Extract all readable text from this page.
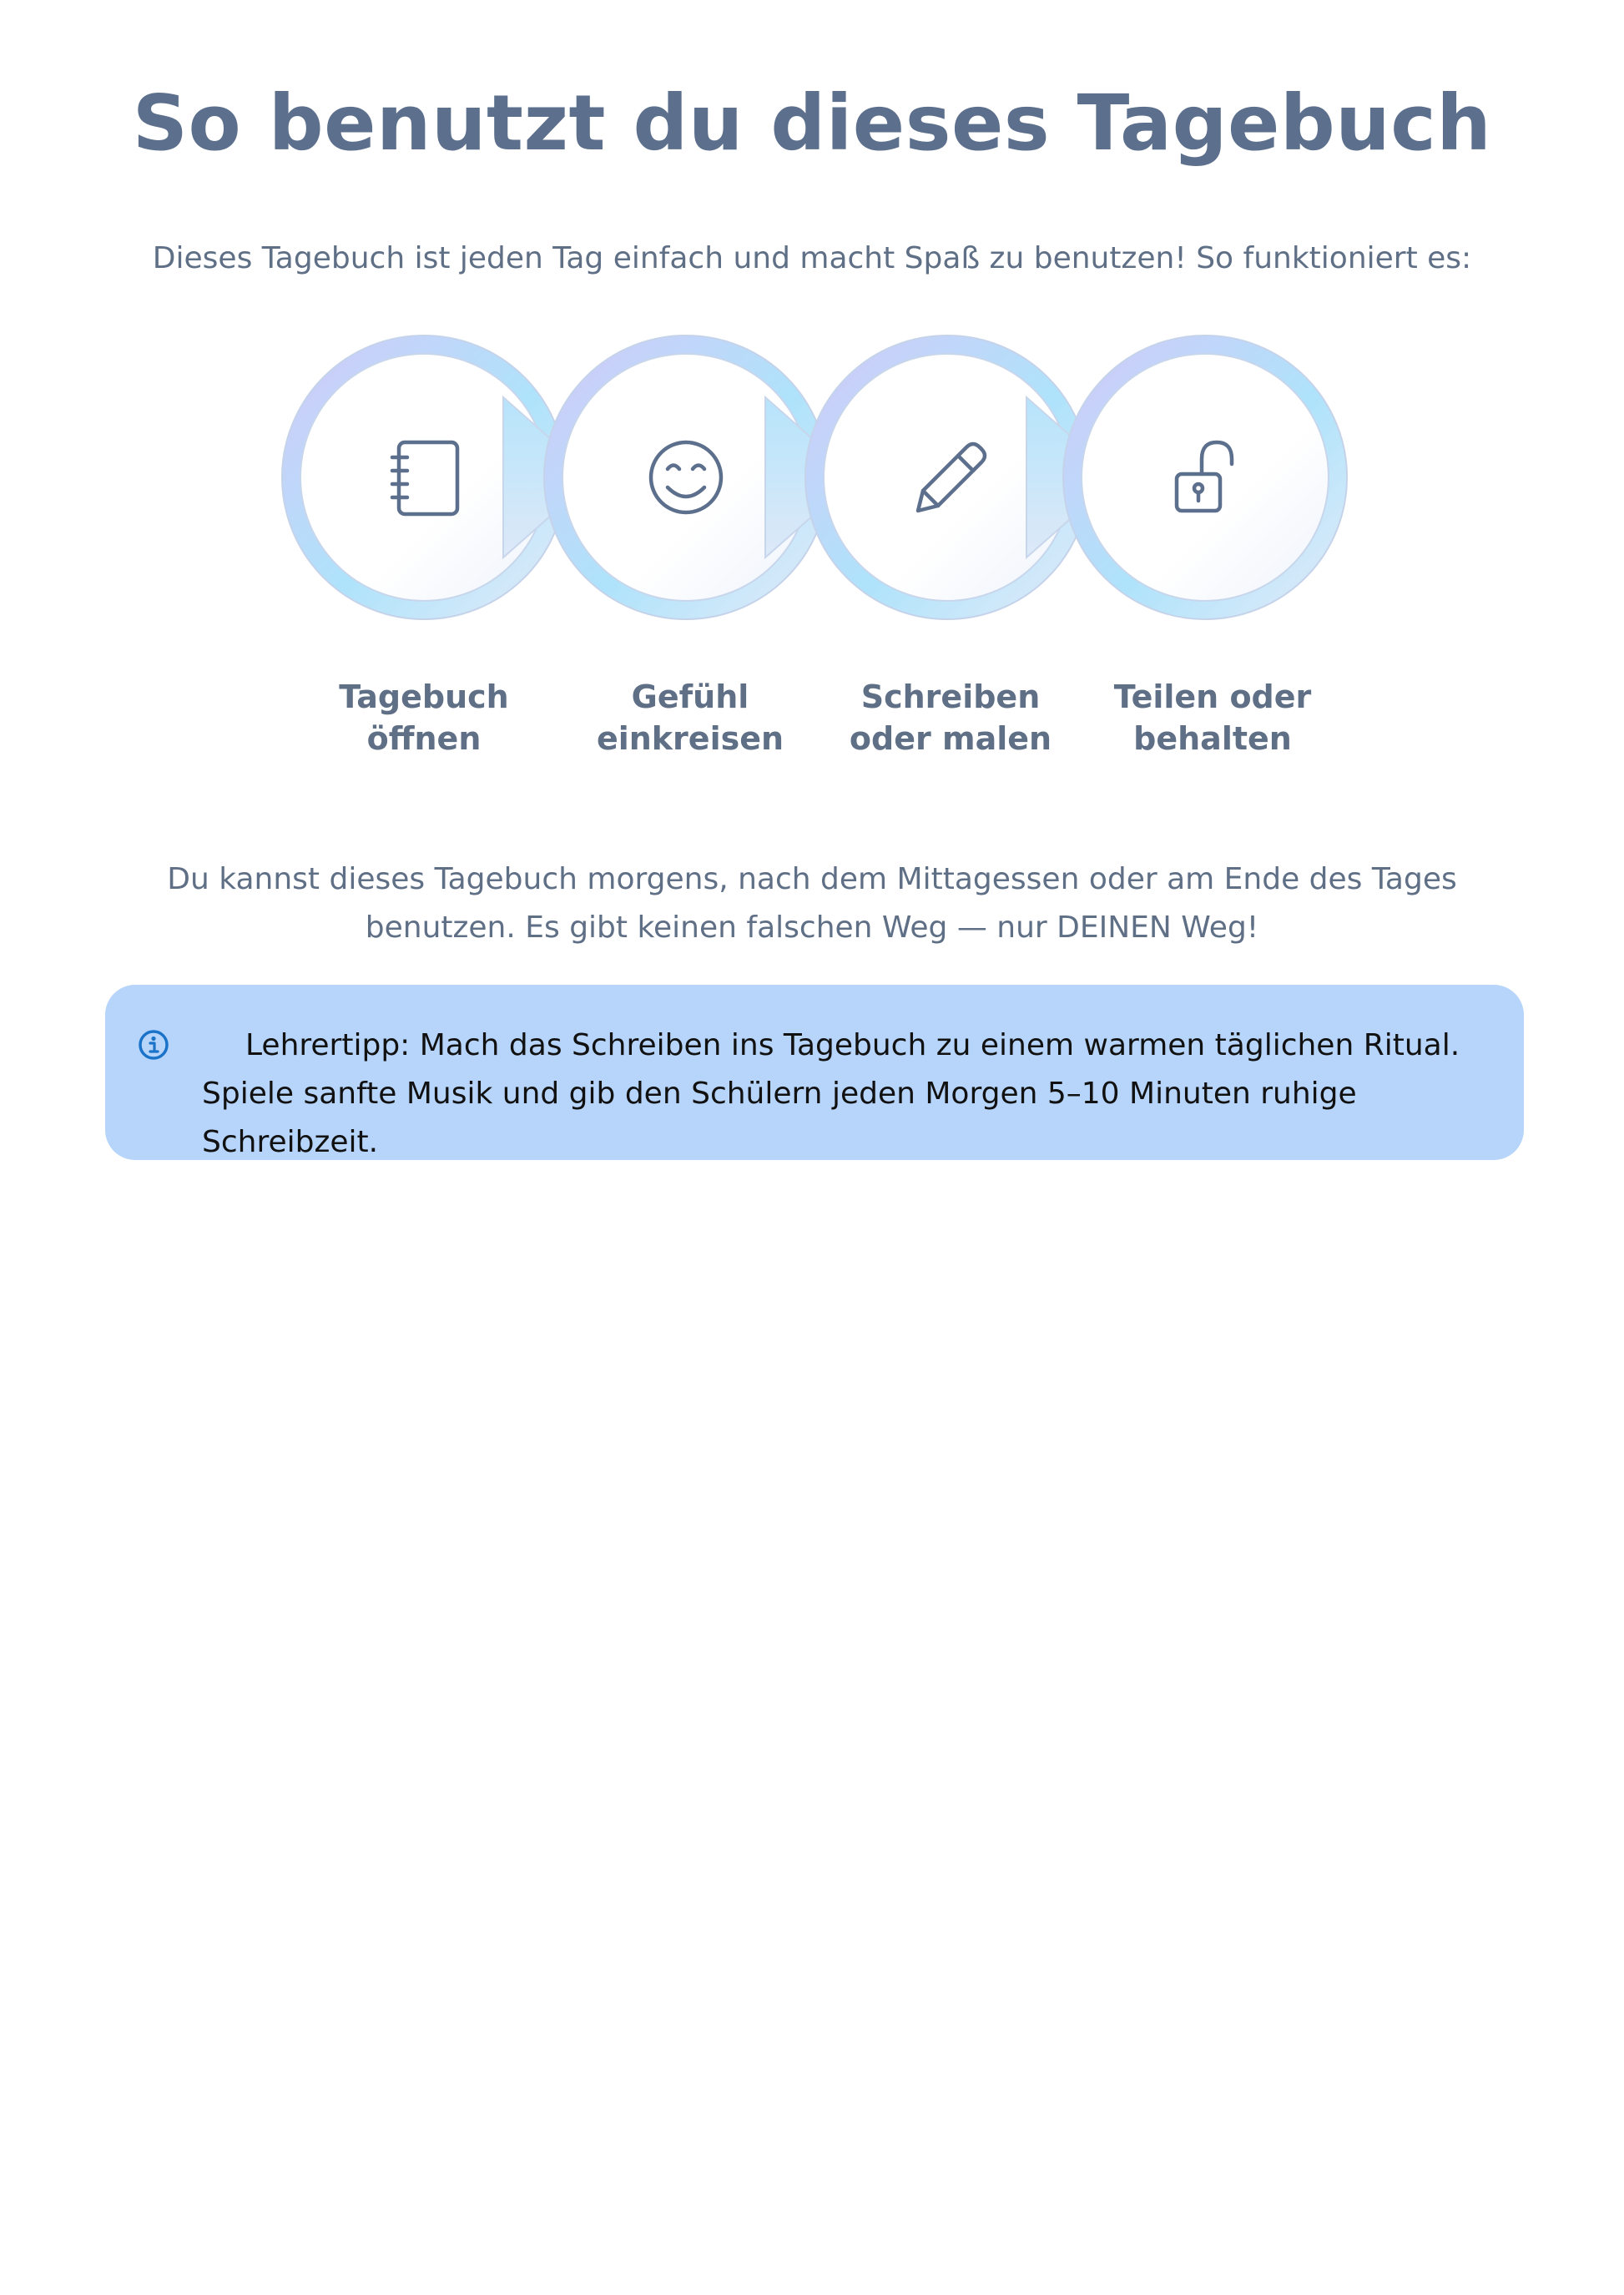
So benutzt du dieses Tagebuch

Dieses Tagebuch ist jeden Tag einfach und macht Spaß zu benutzen! So funktioniert es:

Tagebuch
öffnen

Gefühl
einkreisen

Schreiben
oder malen

Teilen oder
behalten

Du kannst dieses Tagebuch morgens, nach dem Mittagessen oder am Ende des Tages benutzen. Es gibt keinen falschen Weg — nur DEINEN Weg!

Lehrertipp: Mach das Schreiben ins Tagebuch zu einem warmen täglichen Ritual. Spiele sanfte Musik und gib den Schülern jeden Morgen 5–10 Minuten ruhige Schreibzeit.
